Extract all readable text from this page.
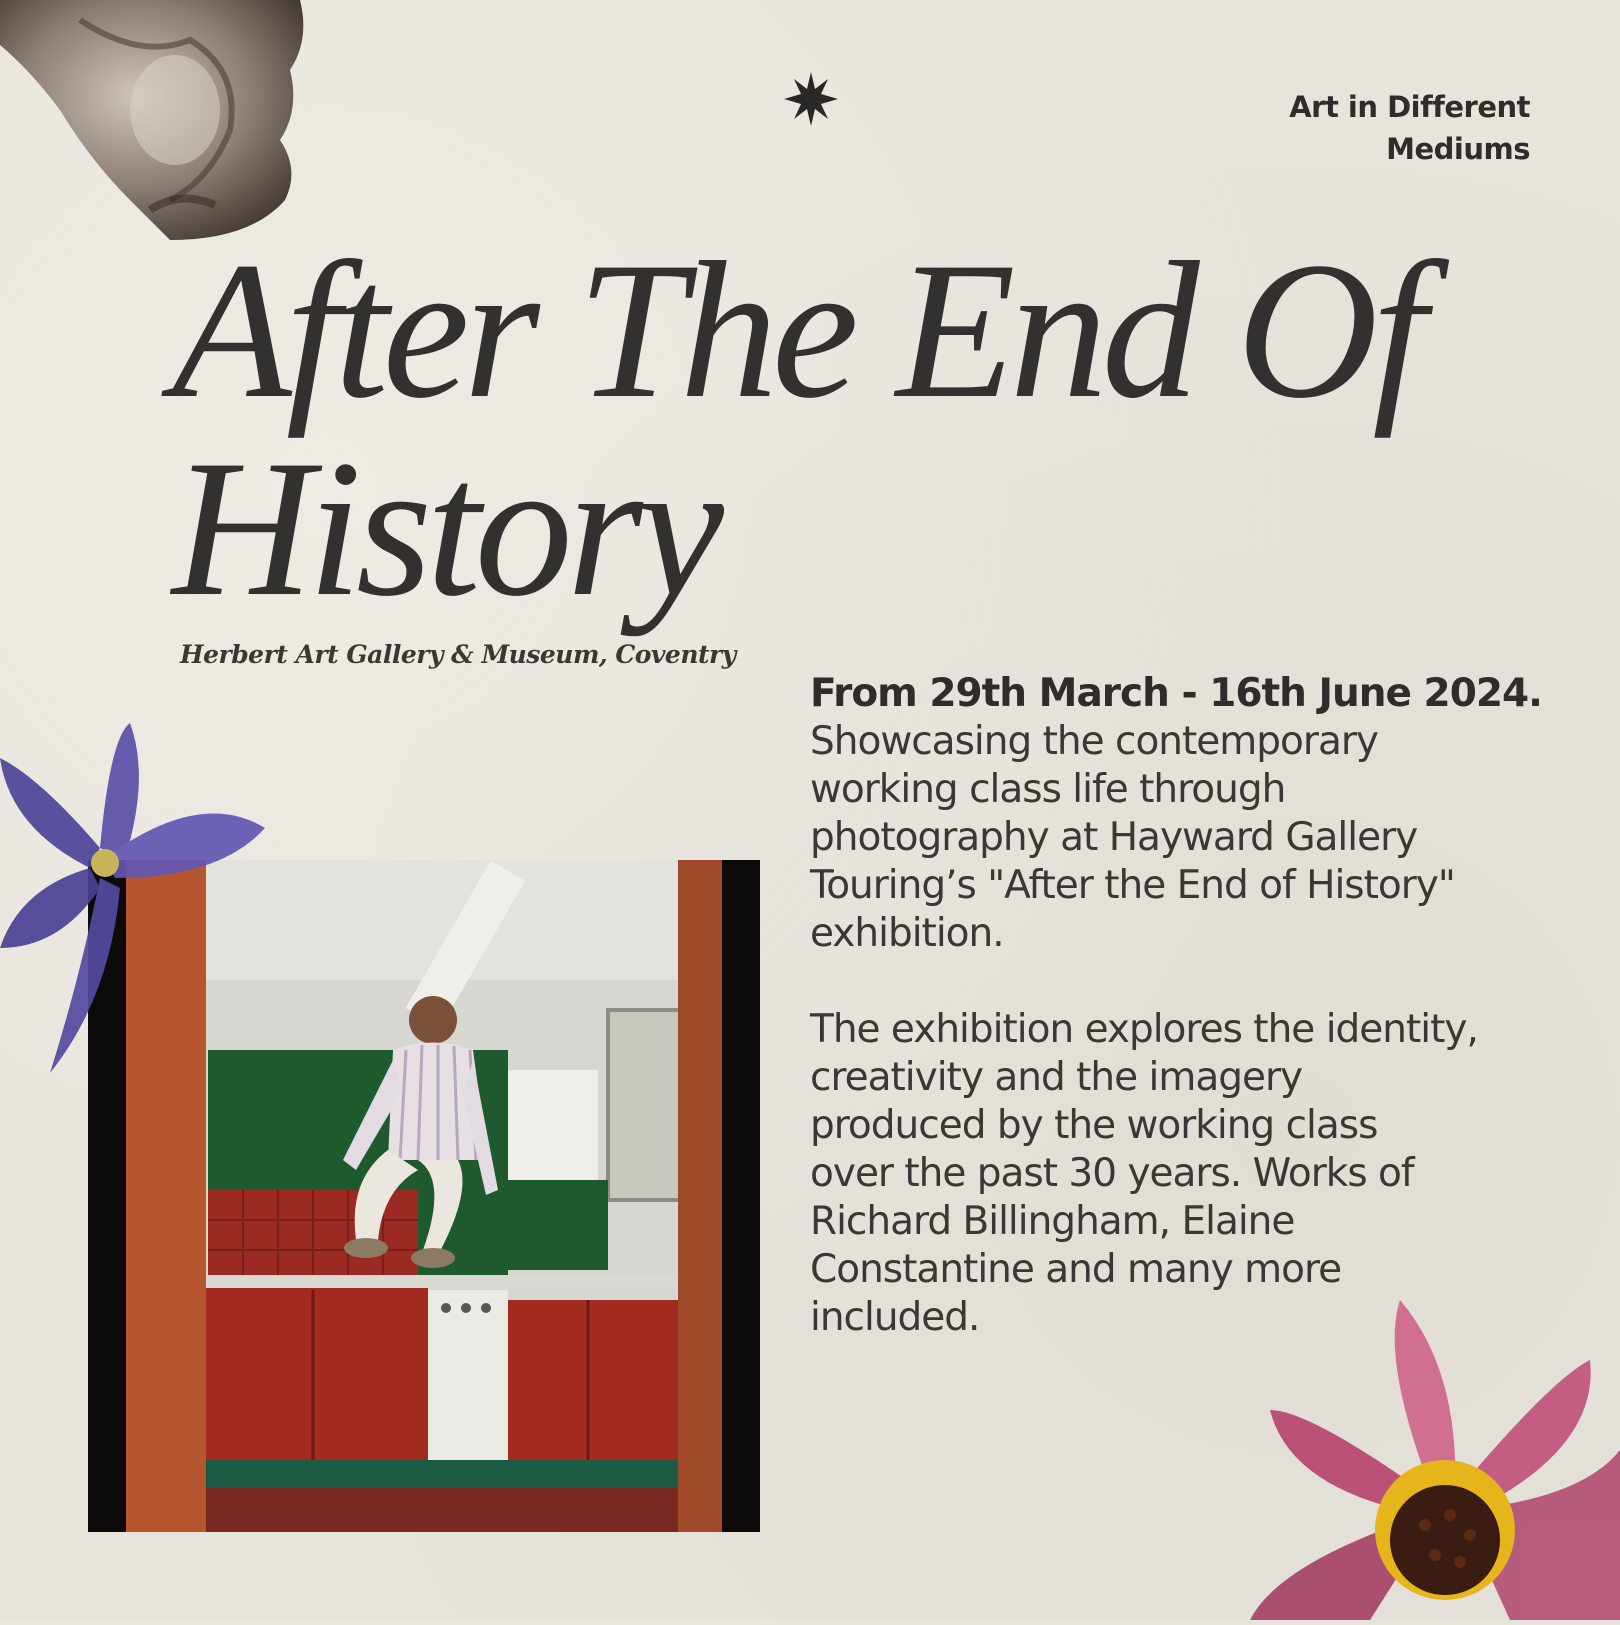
Art in Different
Mediums
After The End Of
History
Herbert Art Gallery & Museum, Coventry
From 29th March - 16th June 2024.

Showcasing the contemporary

working class life through

photography at Hayward Gallery

Touring’s "After the End of History"

exhibition.

The exhibition explores the identity,

creativity and the imagery

produced by the working class

over the past 30 years. Works of

Richard Billingham, Elaine

Constantine and many more

included.
